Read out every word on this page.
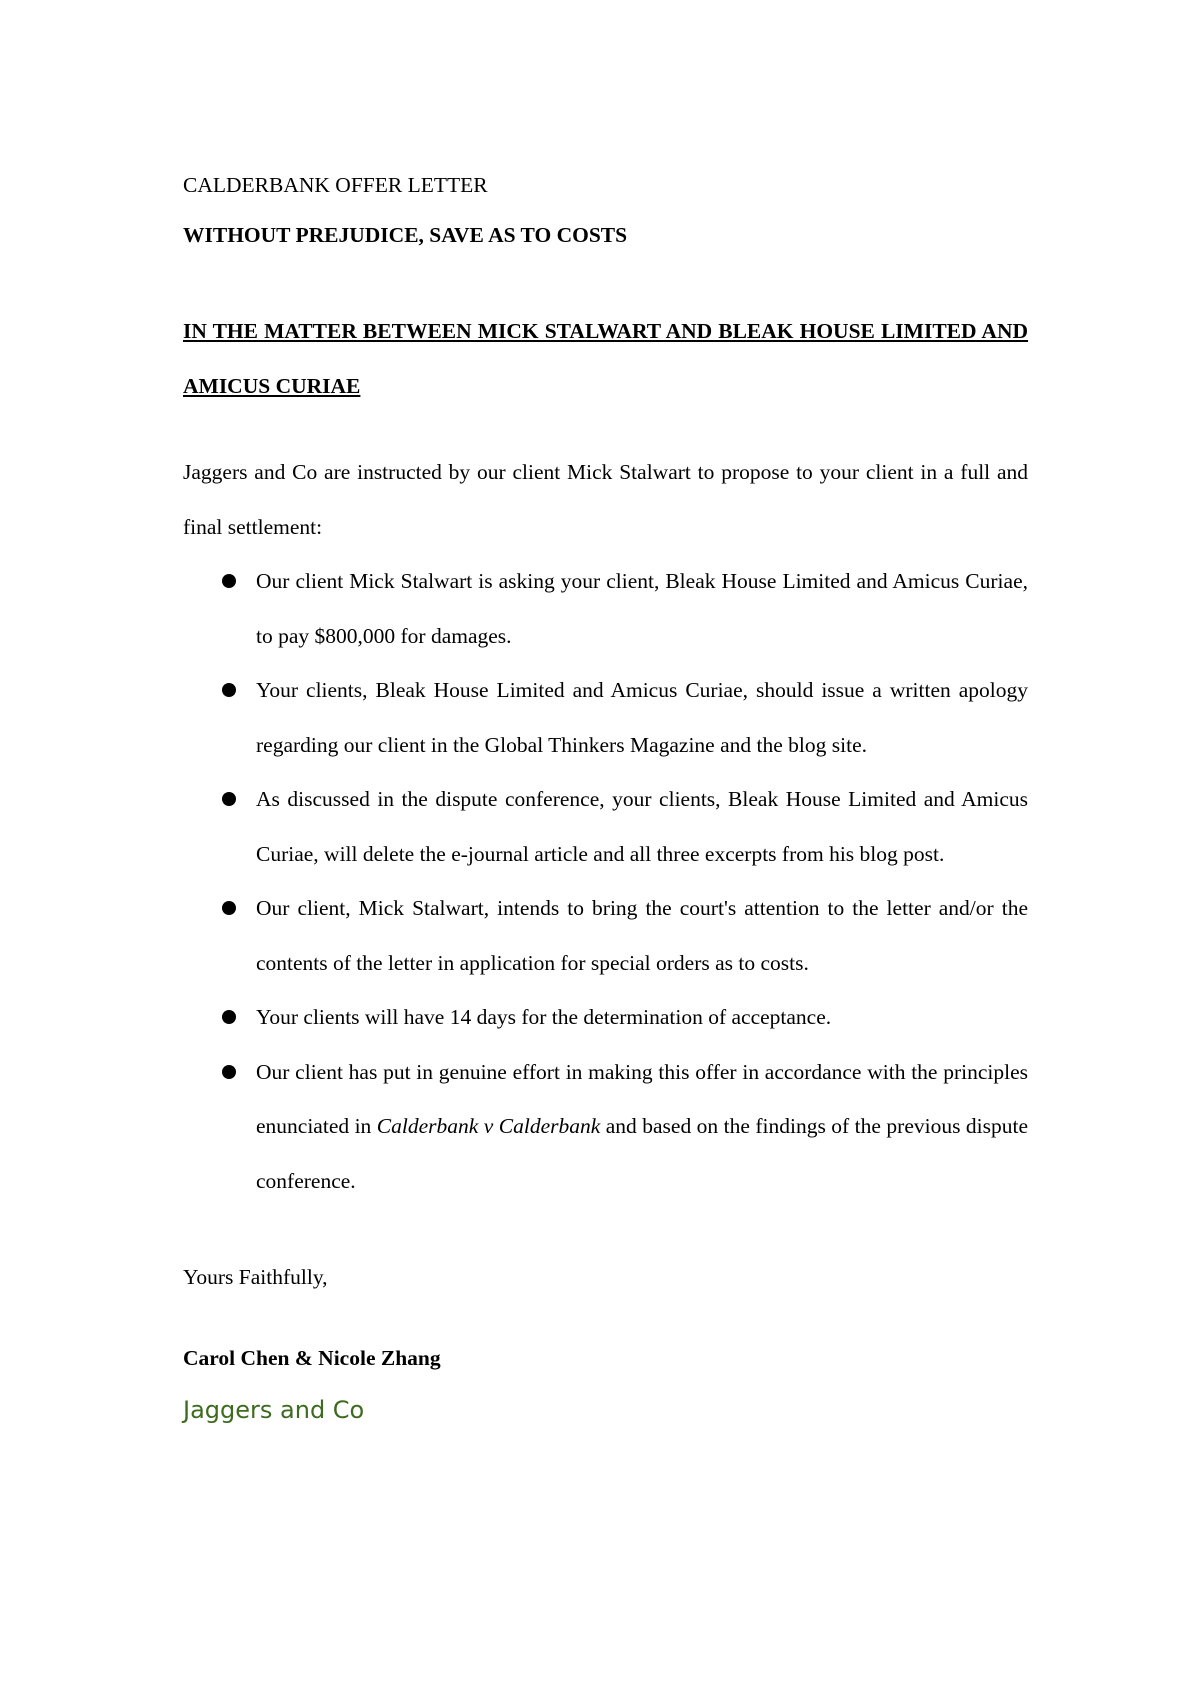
CALDERBANK OFFER LETTER

WITHOUT PREJUDICE, SAVE AS TO COSTS

IN THE MATTER BETWEEN MICK STALWART AND BLEAK HOUSE LIMITED AND AMICUS CURIAE

Jaggers and Co are instructed by our client Mick Stalwart to propose to your client in a full and final settlement:

Our client Mick Stalwart is asking your client, Bleak House Limited and Amicus Curiae, to pay $800,000 for damages.
Your clients, Bleak House Limited and Amicus Curiae, should issue a written apology regarding our client in the Global Thinkers Magazine and the blog site.
As discussed in the dispute conference, your clients, Bleak House Limited and Amicus Curiae, will delete the e-journal article and all three excerpts from his blog post.
Our client, Mick Stalwart, intends to bring the court's attention to the letter and/or the contents of the letter in application for special orders as to costs.
Your clients will have 14 days for the determination of acceptance.
Our client has put in genuine effort in making this offer in accordance with the principles enunciated in Calderbank v Calderbank and based on the findings of the previous dispute conference.

Yours Faithfully,

Carol Chen & Nicole Zhang

Jaggers and Co
